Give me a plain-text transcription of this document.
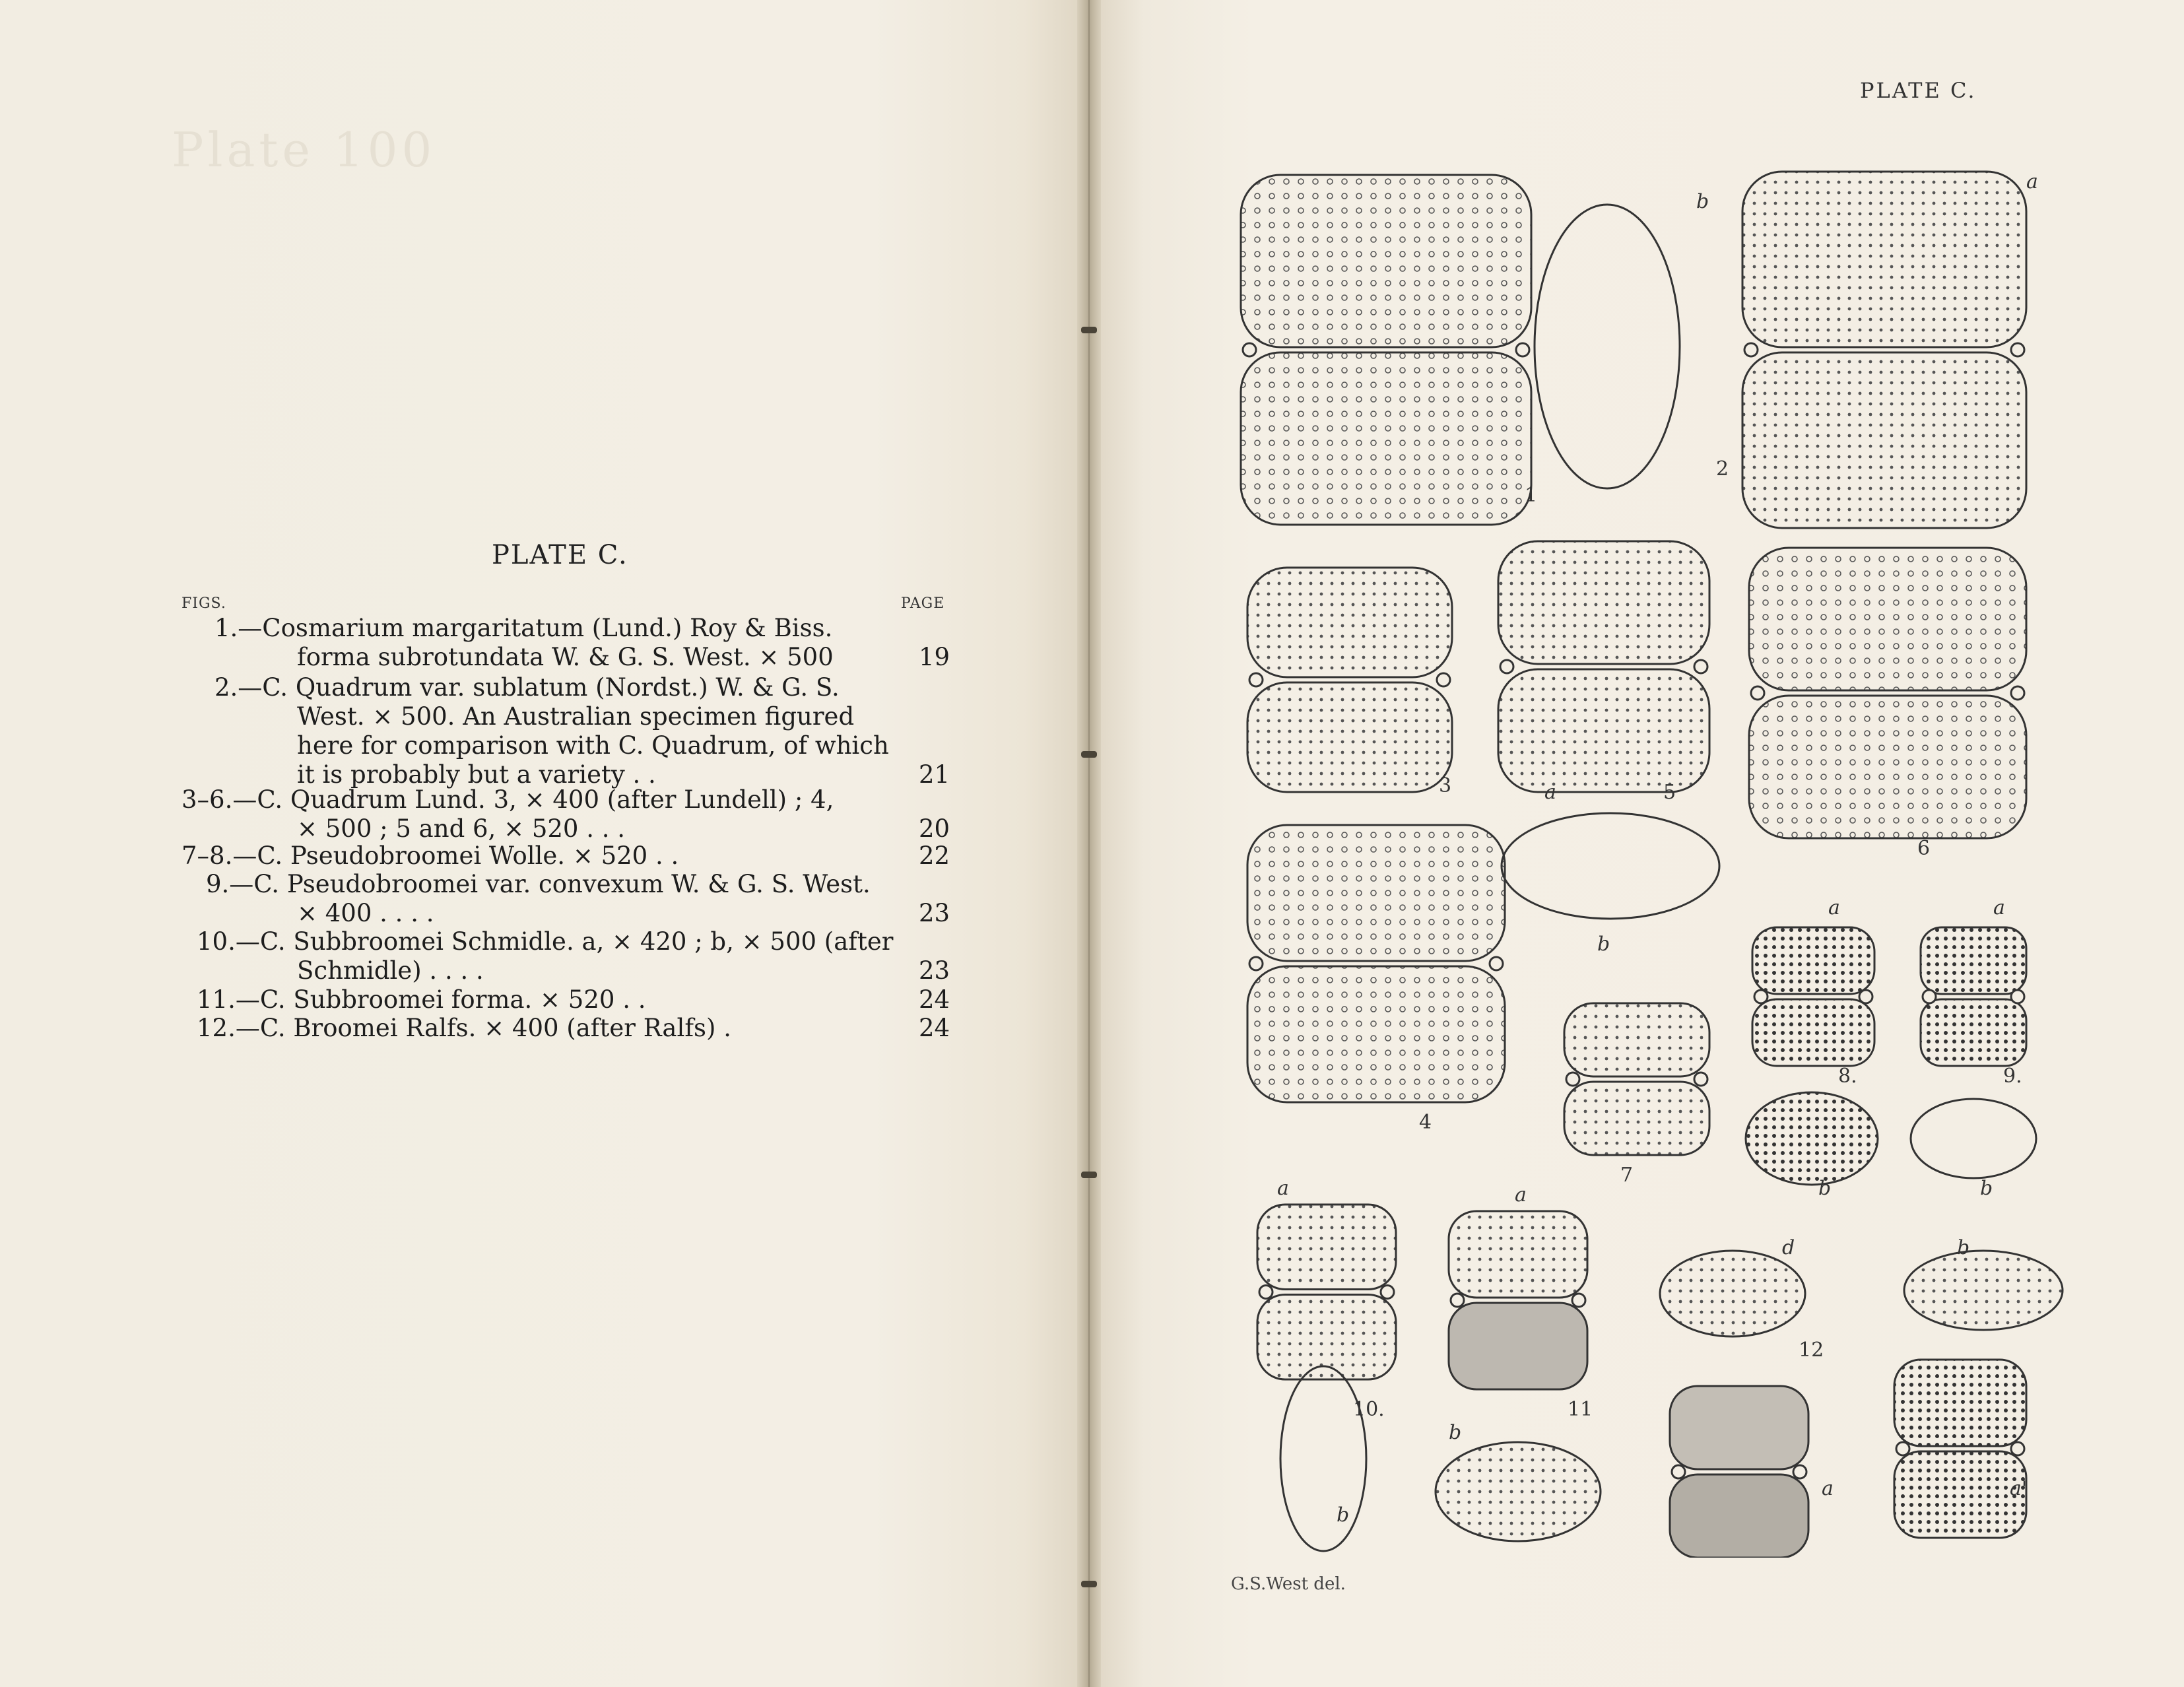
Plate 100
PLATE C.
FIGS.	PAGE
1.—Cosmarium margaritatum (Lund.) Roy & Biss.
forma subrotundata W. & G. S. West. × 500	19
2.—C. Quadrum var. sublatum (Nordst.) W. & G. S.
West. × 500. An Australian specimen figured
here for comparison with C. Quadrum, of which
it is probably but a variety . .	21
3–6.—C. Quadrum Lund. 3, × 400 (after Lundell) ; 4,
× 500 ; 5 and 6, × 520 . . .	20
7–8.—C. Pseudobroomei Wolle. × 520 . .	22
9.—C. Pseudobroomei var. convexum W. & G. S. West.
× 400 . . . .	23
10.—C. Subbroomei Schmidle. a, × 420 ; b, × 500 (after
Schmidle) . . . .	23
11.—C. Subbroomei forma. × 520 . .	24
12.—C. Broomei Ralfs. × 400 (after Ralfs) .	24
PLATE C.
1
2
b
a
3	a	5
6
b
4
7
a	a
8.	9.
b	b
a	a
10.
b
b
11
d	b
12
a	a'
G.S.West del.
